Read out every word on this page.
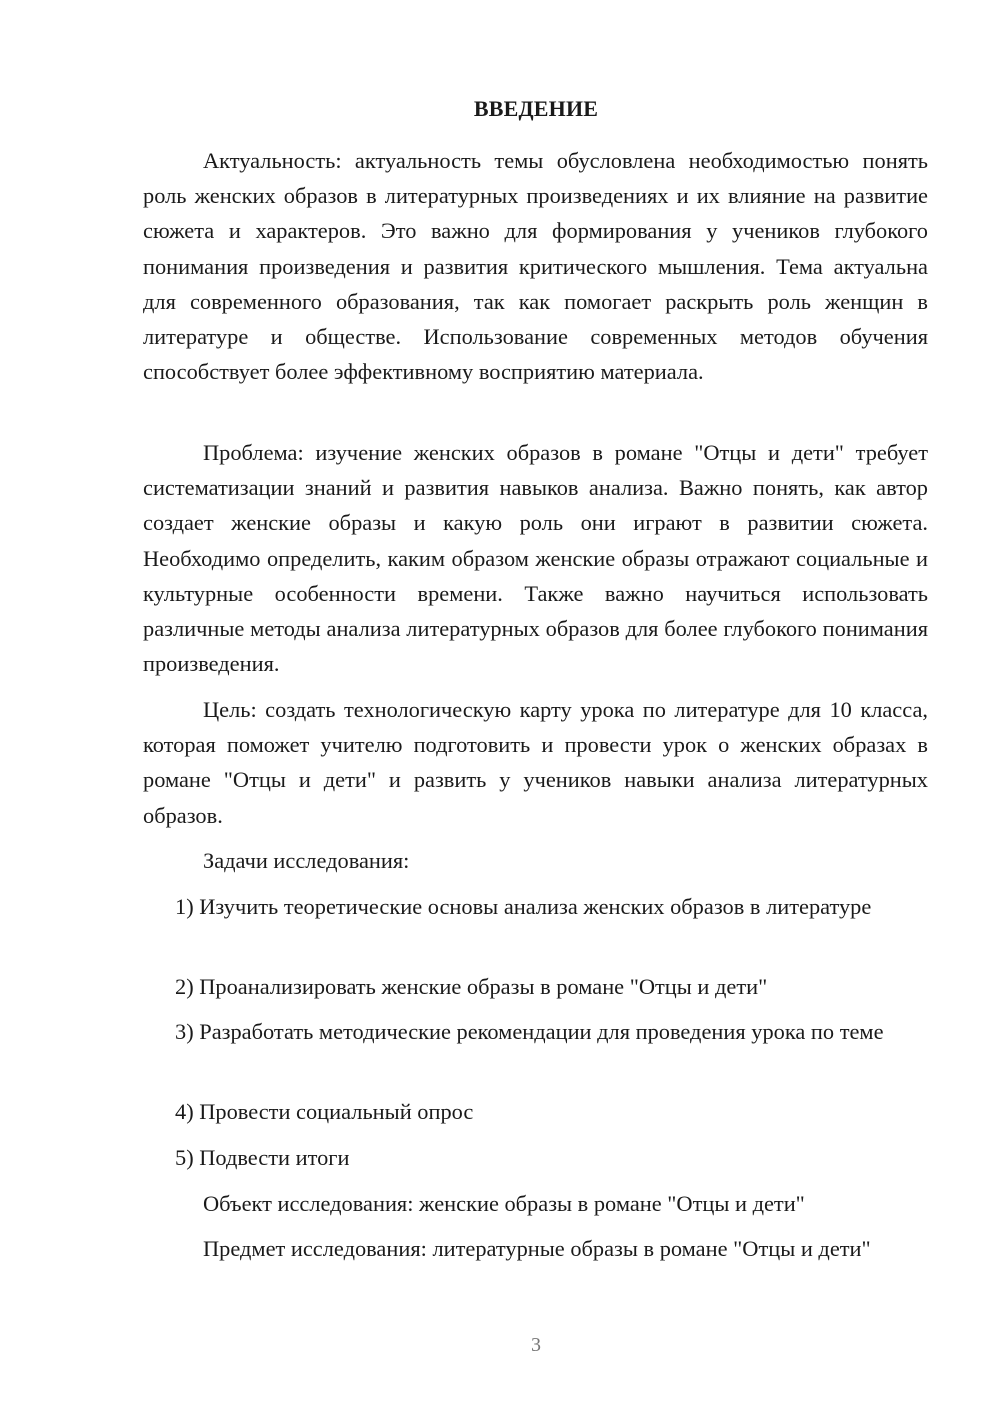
ВВЕДЕНИЕ

Актуальность: актуальность темы обусловлена необходимостью понять роль женских образов в литературных произведениях и их влияние на развитие сюжета и характеров. Это важно для формирования у учеников глубокого понимания произведения и развития критического мышления. Тема актуальна для современного образования, так как помогает раскрыть роль женщин в литературе и обществе. Использование современных методов обучения способствует более эффективному восприятию материала.

Проблема: изучение женских образов в романе "Отцы и дети" требует систематизации знаний и развития навыков анализа. Важно понять, как автор создает женские образы и какую роль они играют в развитии сюжета. Необходимо определить, каким образом женские образы отражают социальные и культурные особенности времени. Также важно научиться использовать различные методы анализа литературных образов для более глубокого понимания произведения.

Цель: создать технологическую карту урока по литературе для 10 класса, которая поможет учителю подготовить и провести урок о женских образах в романе "Отцы и дети" и развить у учеников навыки анализа литературных образов.

Задачи исследования:

1) Изучить теоретические основы анализа женских образов в литературе

2) Проанализировать женские образы в романе "Отцы и дети"

3) Разработать методические рекомендации для проведения урока по теме

4) Провести социальный опрос

5) Подвести итоги

Объект исследования: женские образы в романе "Отцы и дети"

Предмет исследования: литературные образы в романе "Отцы и дети"

3
